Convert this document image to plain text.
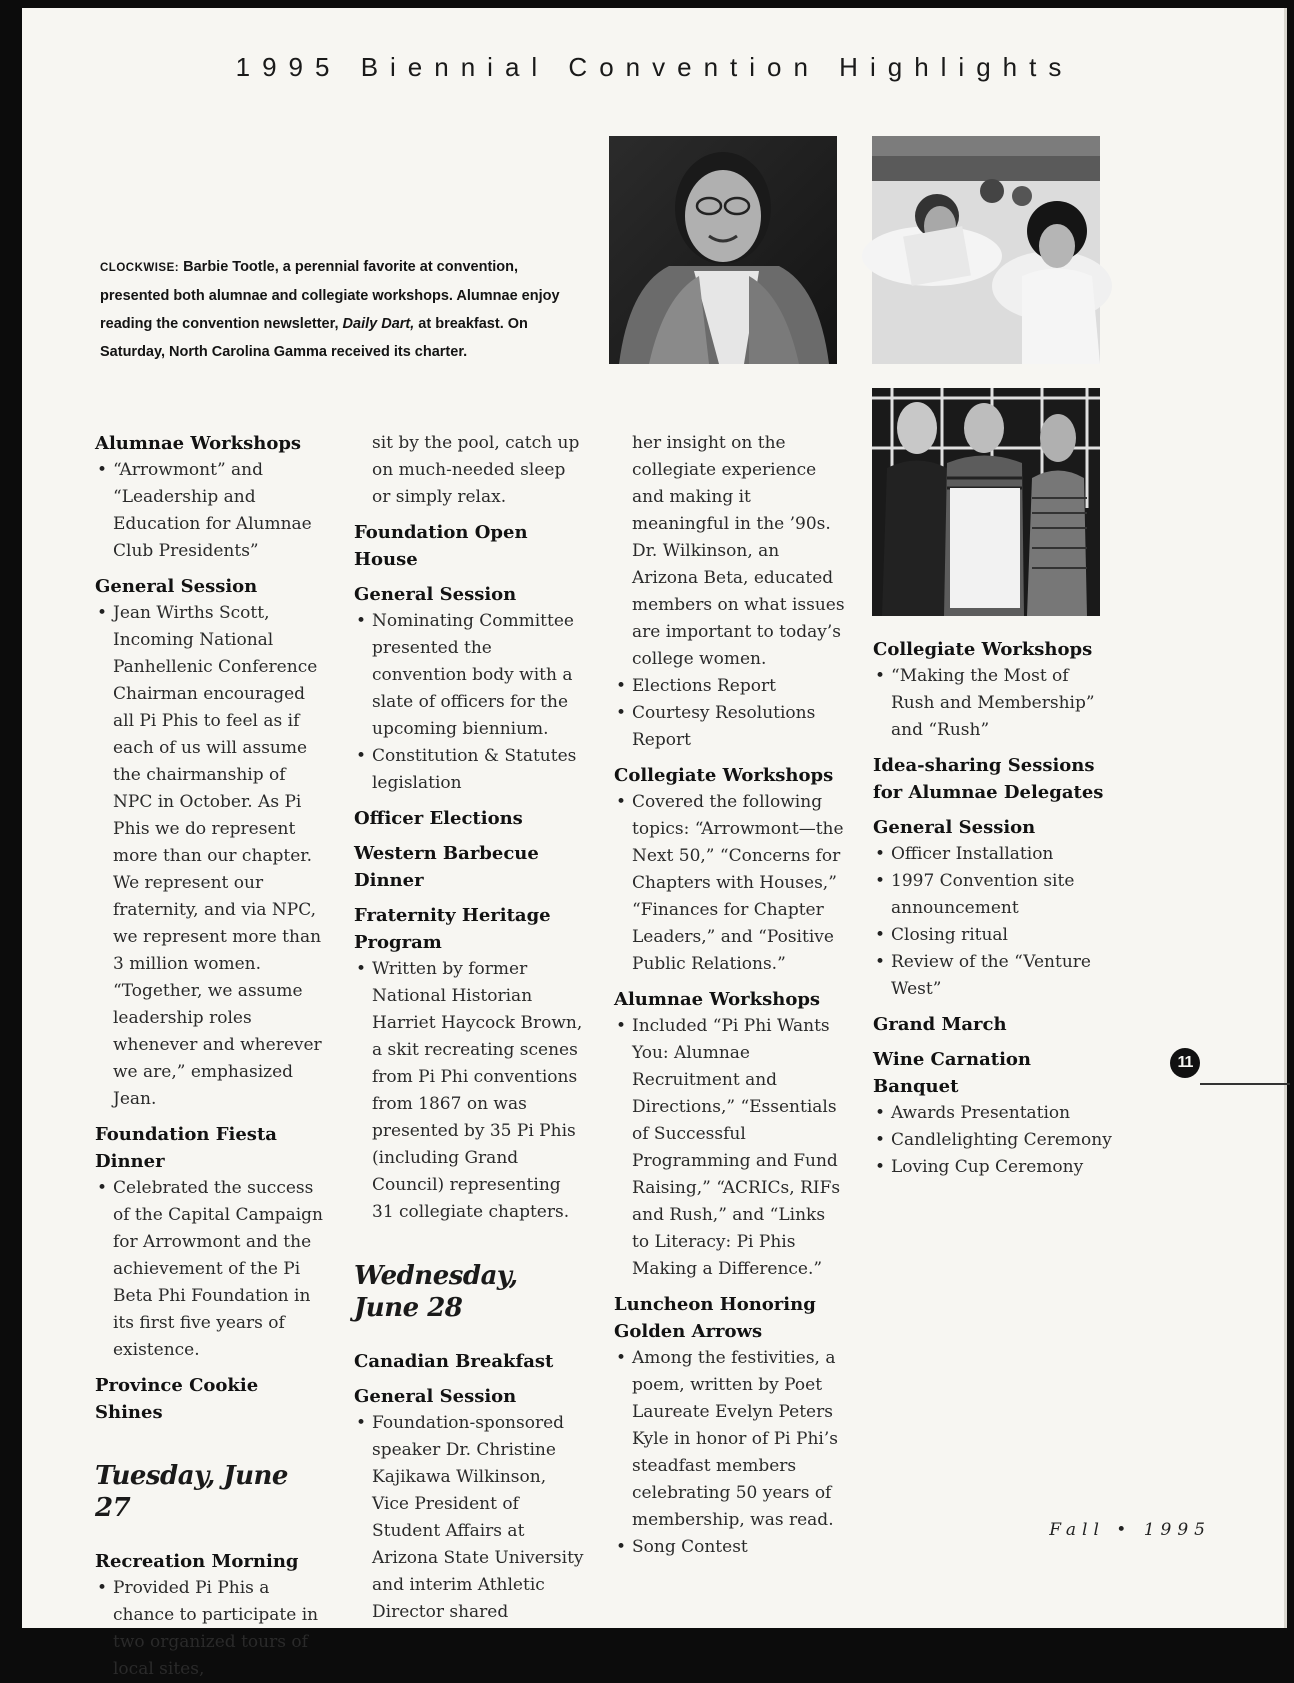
1995 Biennial Convention Highlights
CLOCKWISE: Barbie Tootle, a perennial favorite at convention, presented both alumnae and collegiate workshops. Alumnae enjoy reading the convention newsletter, Daily Dart, at breakfast. On Saturday, North Carolina Gamma received its charter.
Alumnae Workshops
• “Arrowmont” and “Leadership and Education for Alumnae Club Presidents”
General Session
• Jean Wirths Scott, Incoming National Panhellenic Conference Chairman encouraged all Pi Phis to feel as if each of us will assume the chairmanship of NPC in October. As Pi Phis we do represent more than our chapter. We represent our fraternity, and via NPC, we represent more than 3 million women. “Together, we assume leadership roles whenever and wherever we are,” emphasized Jean.
Foundation Fiesta Dinner
• Celebrated the success of the Capital Campaign for Arrowmont and the achievement of the Pi Beta Phi Foundation in its first five years of existence.
Province Cookie Shines
Tuesday, June 27
Recreation Morning
• Provided Pi Phis a chance to participate in two organized tours of local sites,

sit by the pool, catch up on much-needed sleep or simply relax.

Foundation Open House
General Session
• Nominating Committee presented the convention body with a slate of officers for the upcoming biennium.
• Constitution & Statutes legislation
Officer Elections
Western Barbecue Dinner
Fraternity Heritage Program
• Written by former National Historian Harriet Haycock Brown, a skit recreating scenes from Pi Phi conventions from 1867 on was presented by 35 Pi Phis (including Grand Council) representing 31 collegiate chapters.
Wednesday, June 28
Canadian Breakfast
General Session
• Foundation-sponsored speaker Dr. Christine Kajikawa Wilkinson, Vice President of Student Affairs at Arizona State University and interim Athletic Director shared

her insight on the collegiate experience and making it meaningful in the ’90s. Dr. Wilkinson, an Arizona Beta, educated members on what issues are important to today’s college women.

• Elections Report
• Courtesy Resolutions Report
Collegiate Workshops
• Covered the following topics: “Arrowmont—the Next 50,” “Concerns for Chapters with Houses,” “Finances for Chapter Leaders,” and “Positive Public Relations.”
Alumnae Workshops
• Included “Pi Phi Wants You: Alumnae Recruitment and Directions,” “Essentials of Successful Programming and Fund Raising,” “ACRICs, RIFs and Rush,” and “Links to Literacy: Pi Phis Making a Difference.”
Luncheon Honoring Golden Arrows
• Among the festivities, a poem, written by Poet Laureate Evelyn Peters Kyle in honor of Pi Phi’s steadfast members celebrating 50 years of membership, was read.
• Song Contest
Collegiate Workshops
• “Making the Most of Rush and Membership” and “Rush”
Idea-sharing Sessions for Alumnae Delegates
General Session
• Officer Installation
• 1997 Convention site announcement
• Closing ritual
• Review of the “Venture West”
Grand March
Wine Carnation Banquet
• Awards Presentation
• Candlelighting Ceremony
• Loving Cup Ceremony
11
Fall • 1995
